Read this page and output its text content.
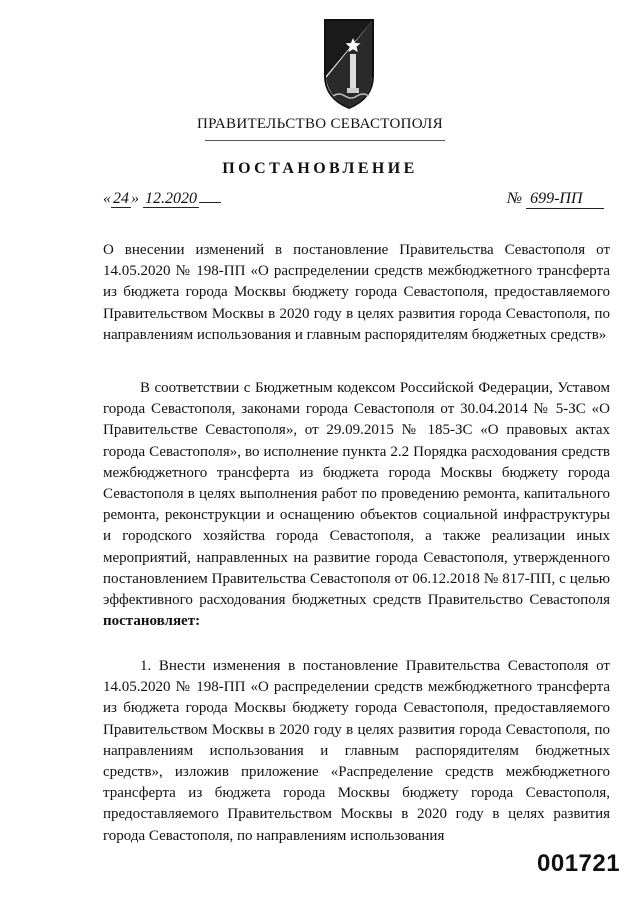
ПРАВИТЕЛЬСТВО СЕВАСТОПОЛЯ
ПОСТАНОВЛЕНИЕ
« 24 » 12.2020	№ 699-ПП
О внесении изменений в постановление Правительства Севастополя от 14.05.2020 № 198-ПП «О распределении средств межбюджетного трансферта из бюджета города Москвы бюджету города Севастополя, предоставляемого Правительством Москвы в 2020 году в целях развития города Севастополя, по направлениям использования и главным распорядителям бюджетных средств»
В соответствии с Бюджетным кодексом Российской Федерации, Уставом города Севастополя, законами города Севастополя от 30.04.2014 № 5-ЗС «О Правительстве Севастополя», от 29.09.2015 № 185-ЗС «О правовых актах города Севастополя», во исполнение пункта 2.2 Порядка расходования средств межбюджетного трансферта из бюджета города Москвы бюджету города Севастополя в целях выполнения работ по проведению ремонта, капитального ремонта, реконструкции и оснащению объектов социальной инфраструктуры и городского хозяйства города Севастополя, а также реализации иных мероприятий, направленных на развитие города Севастополя, утвержденного постановлением Правительства Севастополя от 06.12.2018 № 817-ПП, с целью эффективного расходования бюджетных средств Правительство Севастополя постановляет:
1. Внести изменения в постановление Правительства Севастополя от 14.05.2020 № 198-ПП «О распределении средств межбюджетного трансферта из бюджета города Москвы бюджету города Севастополя, предоставляемого Правительством Москвы в 2020 году в целях развития города Севастополя, по направлениям использования и главным распорядителям бюджетных средств», изложив приложение «Распределение средств межбюджетного трансферта из бюджета города Москвы бюджету города Севастополя, предоставляемого Правительством Москвы в 2020 году в целях развития города Севастополя, по направлениям использования
001721
